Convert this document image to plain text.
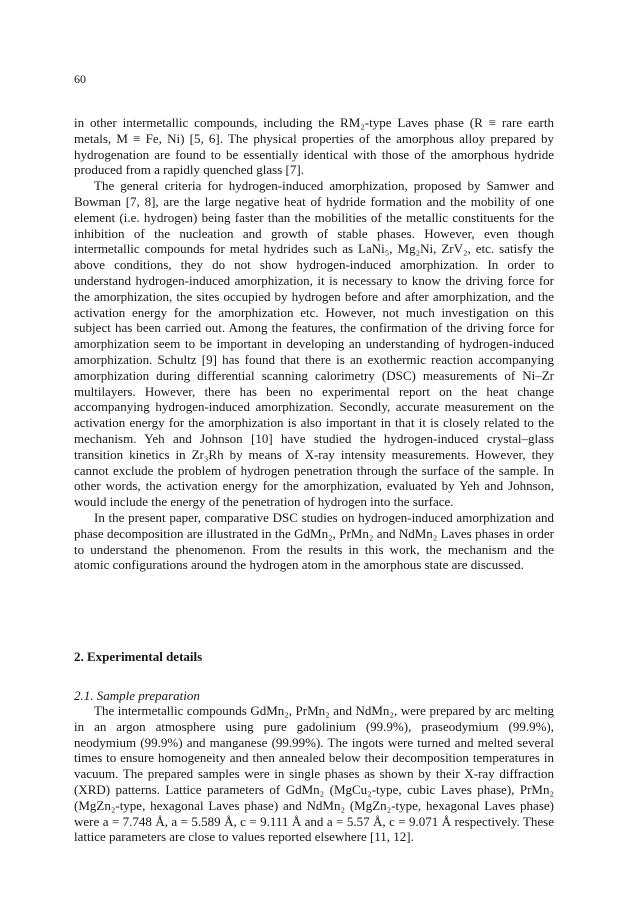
60

in other intermetallic compounds, including the RM₂-type Laves phase (R ≡ rare earth metals, M ≡ Fe, Ni) [5, 6]. The physical properties of the amorphous alloy prepared by hydrogenation are found to be essentially identical with those of the amorphous hydride produced from a rapidly quenched glass [7].

The general criteria for hydrogen-induced amorphization, proposed by Samwer and Bowman [7, 8], are the large negative heat of hydride formation and the mobility of one element (i.e. hydrogen) being faster than the mobilities of the metallic constituents for the inhibition of the nucleation and growth of stable phases. However, even though intermetallic compounds for metal hydrides such as LaNi₅, Mg₂Ni, ZrV₂, etc. satisfy the above conditions, they do not show hydrogen-induced amorphization. In order to understand hydrogen-induced amorphization, it is necessary to know the driving force for the amorphization, the sites occupied by hydrogen before and after amorphization, and the activation energy for the amorphization etc. However, not much investigation on this subject has been carried out. Among the features, the confirmation of the driving force for amorphization seem to be important in developing an understanding of hydrogen-induced amorphization. Schultz [9] has found that there is an exothermic reaction accompanying amorphization during differential scanning calorimetry (DSC) measurements of Ni–Zr multilayers. However, there has been no experimental report on the heat change accompanying hydrogen-induced amorphization. Secondly, accurate measurement on the activation energy for the amorphization is also important in that it is closely related to the mechanism. Yeh and Johnson [10] have studied the hydrogen-induced crystal–glass transition kinetics in Zr₃Rh by means of X-ray intensity measurements. However, they cannot exclude the problem of hydrogen penetration through the surface of the sample. In other words, the activation energy for the amorphization, evaluated by Yeh and Johnson, would include the energy of the penetration of hydrogen into the surface.

In the present paper, comparative DSC studies on hydrogen-induced amorphization and phase decomposition are illustrated in the GdMn₂, PrMn₂ and NdMn₂ Laves phases in order to understand the phenomenon. From the results in this work, the mechanism and the atomic configurations around the hydrogen atom in the amorphous state are discussed.

2. Experimental details
2.1. Sample preparation

The intermetallic compounds GdMn₂, PrMn₂ and NdMn₂, were prepared by arc melting in an argon atmosphere using pure gadolinium (99.9%), praseodymium (99.9%), neodymium (99.9%) and manganese (99.99%). The ingots were turned and melted several times to ensure homogeneity and then annealed below their decomposition temperatures in vacuum. The prepared samples were in single phases as shown by their X-ray diffraction (XRD) patterns. Lattice parameters of GdMn₂ (MgCu₂-type, cubic Laves phase), PrMn₂ (MgZn₂-type, hexagonal Laves phase) and NdMn₂ (MgZn₂-type, hexagonal Laves phase) were a = 7.748 Å, a = 5.589 Å, c = 9.111 Å and a = 5.57 Å, c = 9.071 Å respectively. These lattice parameters are close to values reported elsewhere [11, 12].
